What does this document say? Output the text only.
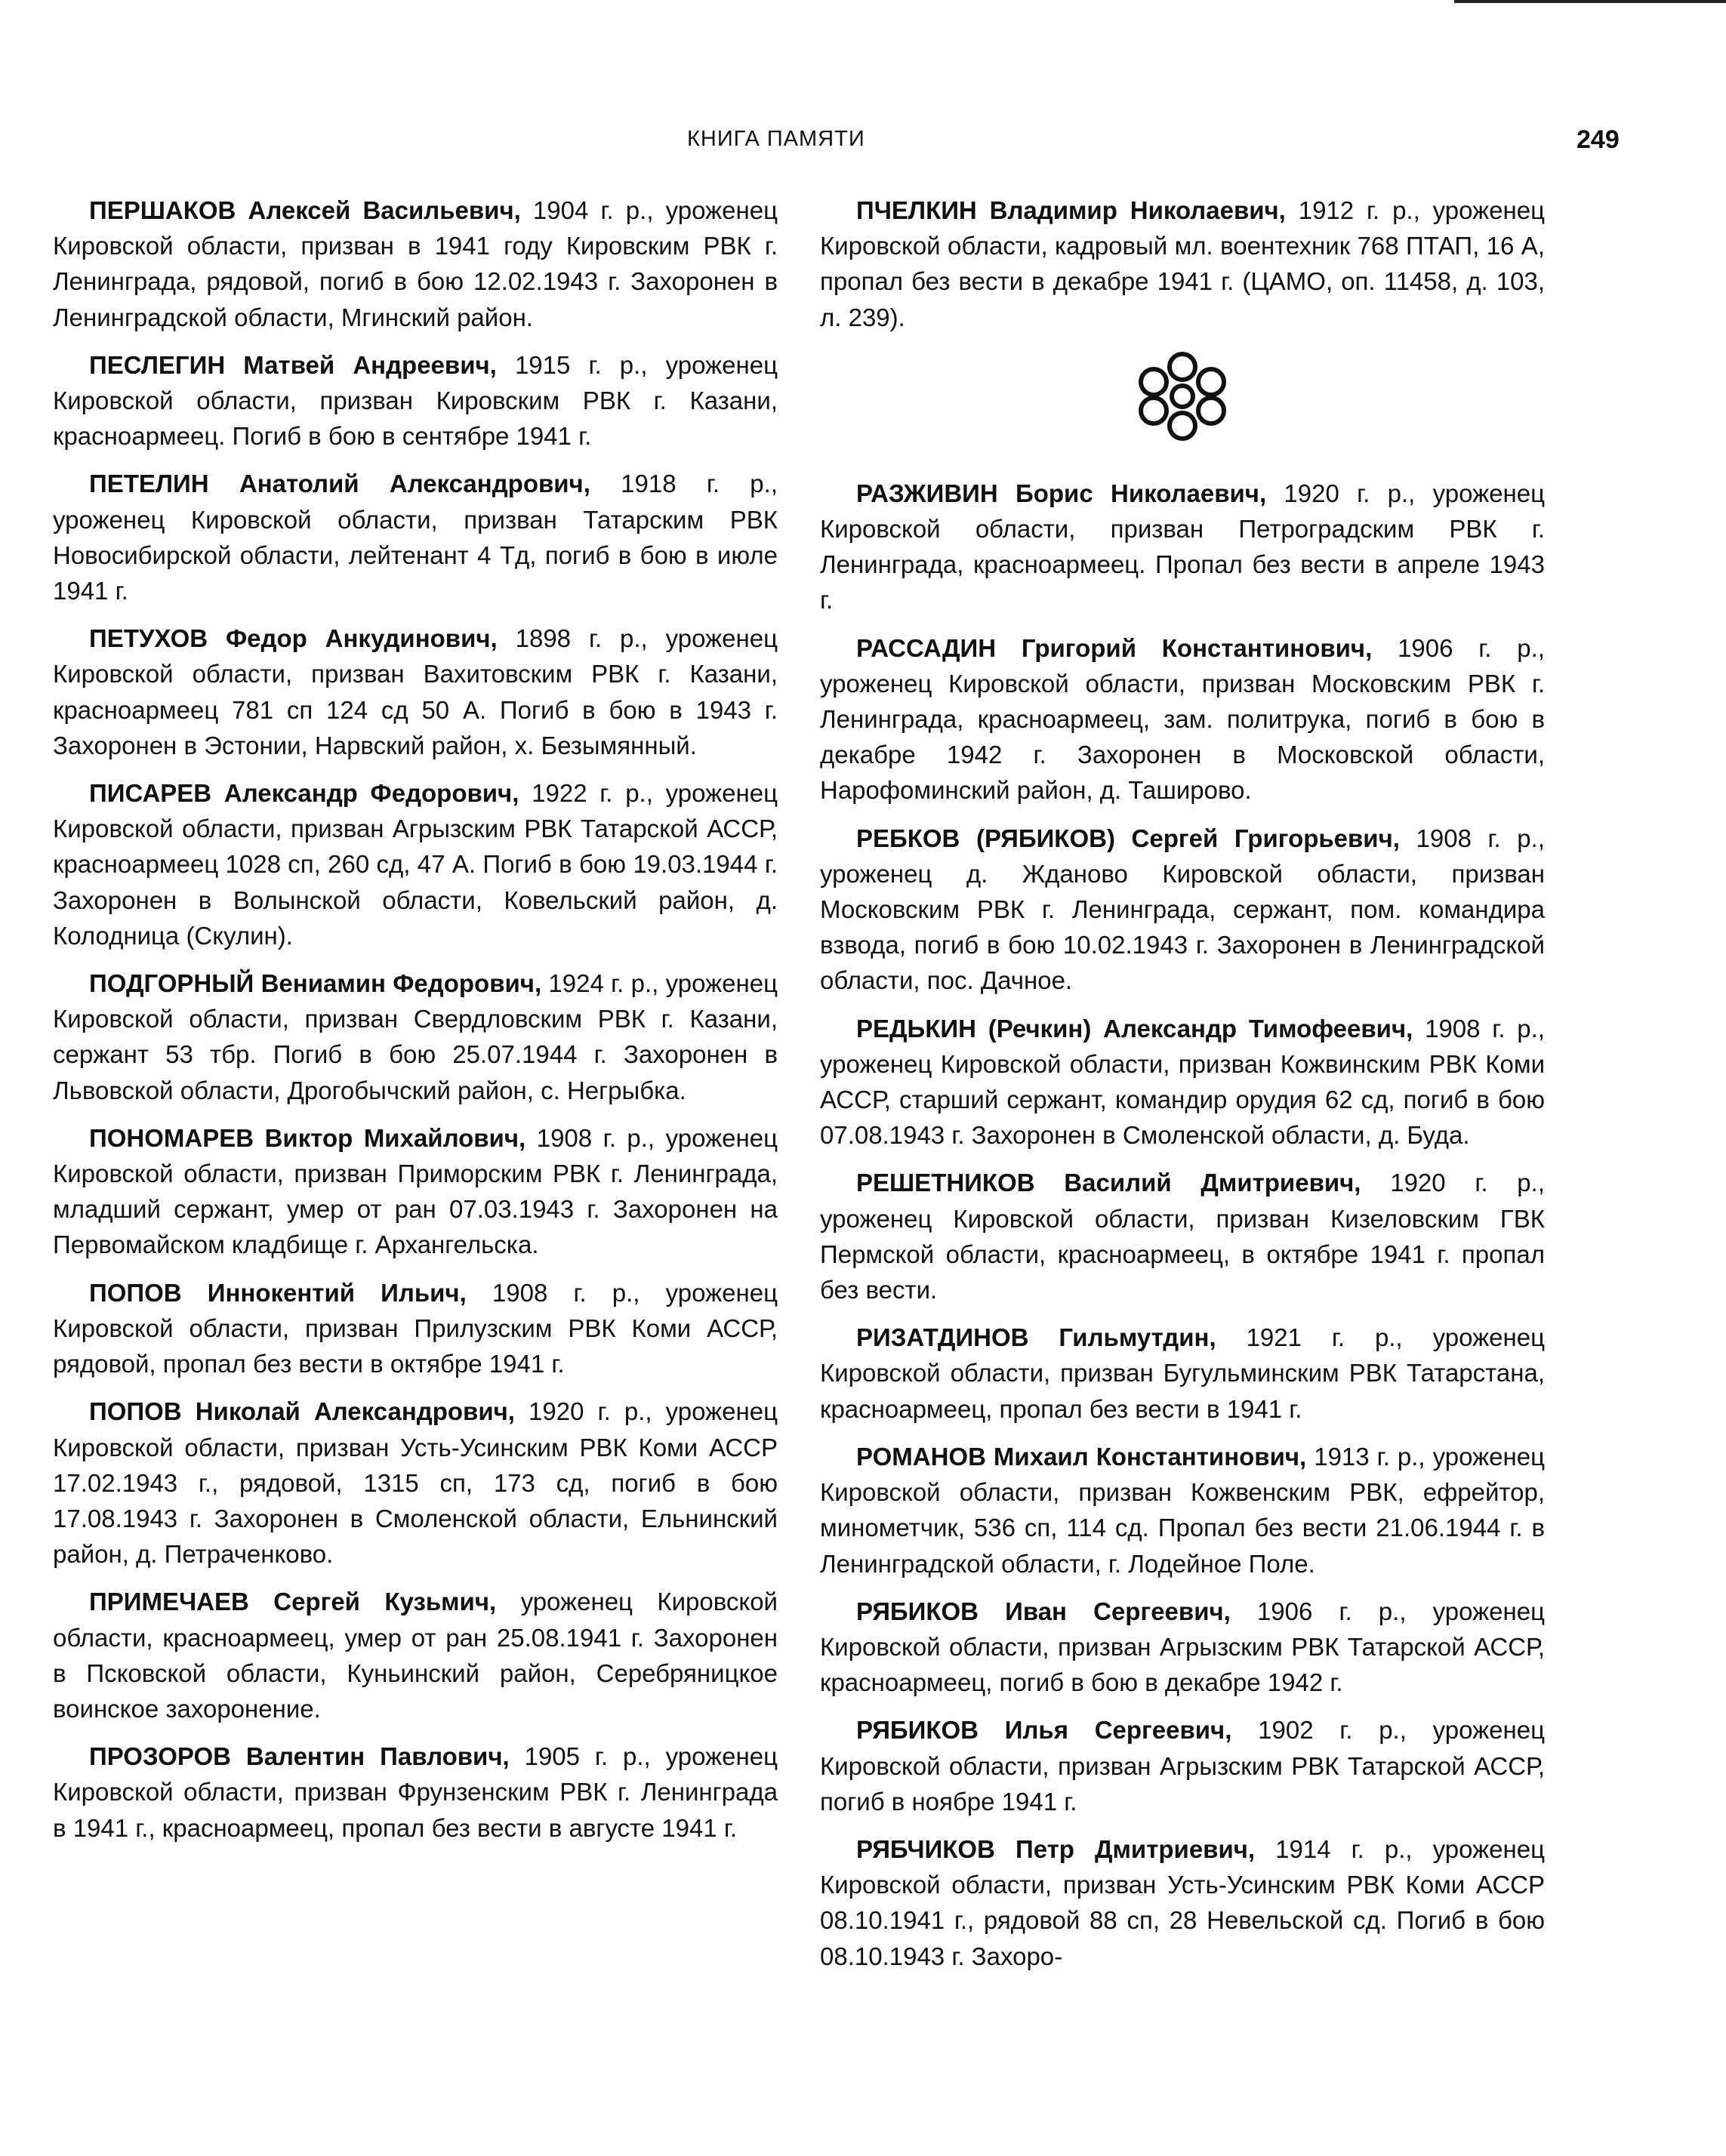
КНИГА ПАМЯТИ	249

ПЕРШАКОВ Алексей Васильевич, 1904 г. р., уроженец Кировской области, призван в 1941 году Кировским РВК г. Ленинграда, рядовой, погиб в бою 12.02.1943 г. Захоронен в Ленинградской области, Мгинский район.

ПЕСЛЕГИН Матвей Андреевич, 1915 г. р., уроженец Кировской области, призван Кировским РВК г. Казани, красноармеец. Погиб в бою в сентябре 1941 г.

ПЕТЕЛИН Анатолий Александрович, 1918 г. р., уроженец Кировской области, призван Татарским РВК Новосибирской области, лейтенант 4 Тд, погиб в бою в июле 1941 г.

ПЕТУХОВ Федор Анкудинович, 1898 г. р., уроженец Кировской области, призван Вахитовским РВК г. Казани, красноармеец 781 сп 124 сд 50 А. Погиб в бою в 1943 г. Захоронен в Эстонии, Нарвский район, х. Безымянный.

ПИСАРЕВ Александр Федорович, 1922 г. р., уроженец Кировской области, призван Агрызским РВК Татарской АССР, красноармеец 1028 сп, 260 сд, 47 А. Погиб в бою 19.03.1944 г. Захоронен в Волынской области, Ковельский район, д. Колодница (Скулин).

ПОДГОРНЫЙ Вениамин Федорович, 1924 г. р., уроженец Кировской области, призван Свердловским РВК г. Казани, сержант 53 тбр. Погиб в бою 25.07.1944 г. Захоронен в Львовской области, Дрогобычский район, с. Негрыбка.

ПОНОМАРЕВ Виктор Михайлович, 1908 г. р., уроженец Кировской области, призван Приморским РВК г. Ленинграда, младший сержант, умер от ран 07.03.1943 г. Захоронен на Первомайском кладбище г. Архангельска.

ПОПОВ Иннокентий Ильич, 1908 г. р., уроженец Кировской области, призван Прилузским РВК Коми АССР, рядовой, пропал без вести в октябре 1941 г.

ПОПОВ Николай Александрович, 1920 г. р., уроженец Кировской области, призван Усть-Усинским РВК Коми АССР 17.02.1943 г., рядовой, 1315 сп, 173 сд, погиб в бою 17.08.1943 г. Захоронен в Смоленской области, Ельнинский район, д. Петраченково.

ПРИМЕЧАЕВ Сергей Кузьмич, уроженец Кировской области, красноармеец, умер от ран 25.08.1941 г. Захоронен в Псковской области, Куньинский район, Серебряницкое воинское захоронение.

ПРОЗОРОВ Валентин Павлович, 1905 г. р., уроженец Кировской области, призван Фрунзенским РВК г. Ленинграда в 1941 г., красноармеец, пропал без вести в августе 1941 г.

ПЧЕЛКИН Владимир Николаевич, 1912 г. р., уроженец Кировской области, кадровый мл. воентехник 768 ПТАП, 16 А, пропал без вести в декабре 1941 г. (ЦАМО, оп. 11458, д. 103, л. 239).

РАЗЖИВИН Борис Николаевич, 1920 г. р., уроженец Кировской области, призван Петроградским РВК г. Ленинграда, красноармеец. Пропал без вести в апреле 1943 г.

РАССАДИН Григорий Константинович, 1906 г. р., уроженец Кировской области, призван Московским РВК г. Ленинграда, красноармеец, зам. политрука, погиб в бою в декабре 1942 г. Захоронен в Московской области, Нарофоминский район, д. Таширово.

РЕБКОВ (РЯБИКОВ) Сергей Григорьевич, 1908 г. р., уроженец д. Жданово Кировской области, призван Московским РВК г. Ленинграда, сержант, пом. командира взвода, погиб в бою 10.02.1943 г. Захоронен в Ленинградской области, пос. Дачное.

РЕДЬКИН (Речкин) Александр Тимофеевич, 1908 г. р., уроженец Кировской области, призван Кожвинским РВК Коми АССР, старший сержант, командир орудия 62 сд, погиб в бою 07.08.1943 г. Захоронен в Смоленской области, д. Буда.

РЕШЕТНИКОВ Василий Дмитриевич, 1920 г. р., уроженец Кировской области, призван Кизеловским ГВК Пермской области, красноармеец, в октябре 1941 г. пропал без вести.

РИЗАТДИНОВ Гильмутдин, 1921 г. р., уроженец Кировской области, призван Бугульминским РВК Татарстана, красноармеец, пропал без вести в 1941 г.

РОМАНОВ Михаил Константинович, 1913 г. р., уроженец Кировской области, призван Кожвенским РВК, ефрейтор, минометчик, 536 сп, 114 сд. Пропал без вести 21.06.1944 г. в Ленинградской области, г. Лодейное Поле.

РЯБИКОВ Иван Сергеевич, 1906 г. р., уроженец Кировской области, призван Агрызским РВК Татарской АССР, красноармеец, погиб в бою в декабре 1942 г.

РЯБИКОВ Илья Сергеевич, 1902 г. р., уроженец Кировской области, призван Агрызским РВК Татарской АССР, погиб в ноябре 1941 г.

РЯБЧИКОВ Петр Дмитриевич, 1914 г. р., уроженец Кировской области, призван Усть-Усинским РВК Коми АССР 08.10.1941 г., рядовой 88 сп, 28 Невельской сд. Погиб в бою 08.10.1943 г. Захоро-
